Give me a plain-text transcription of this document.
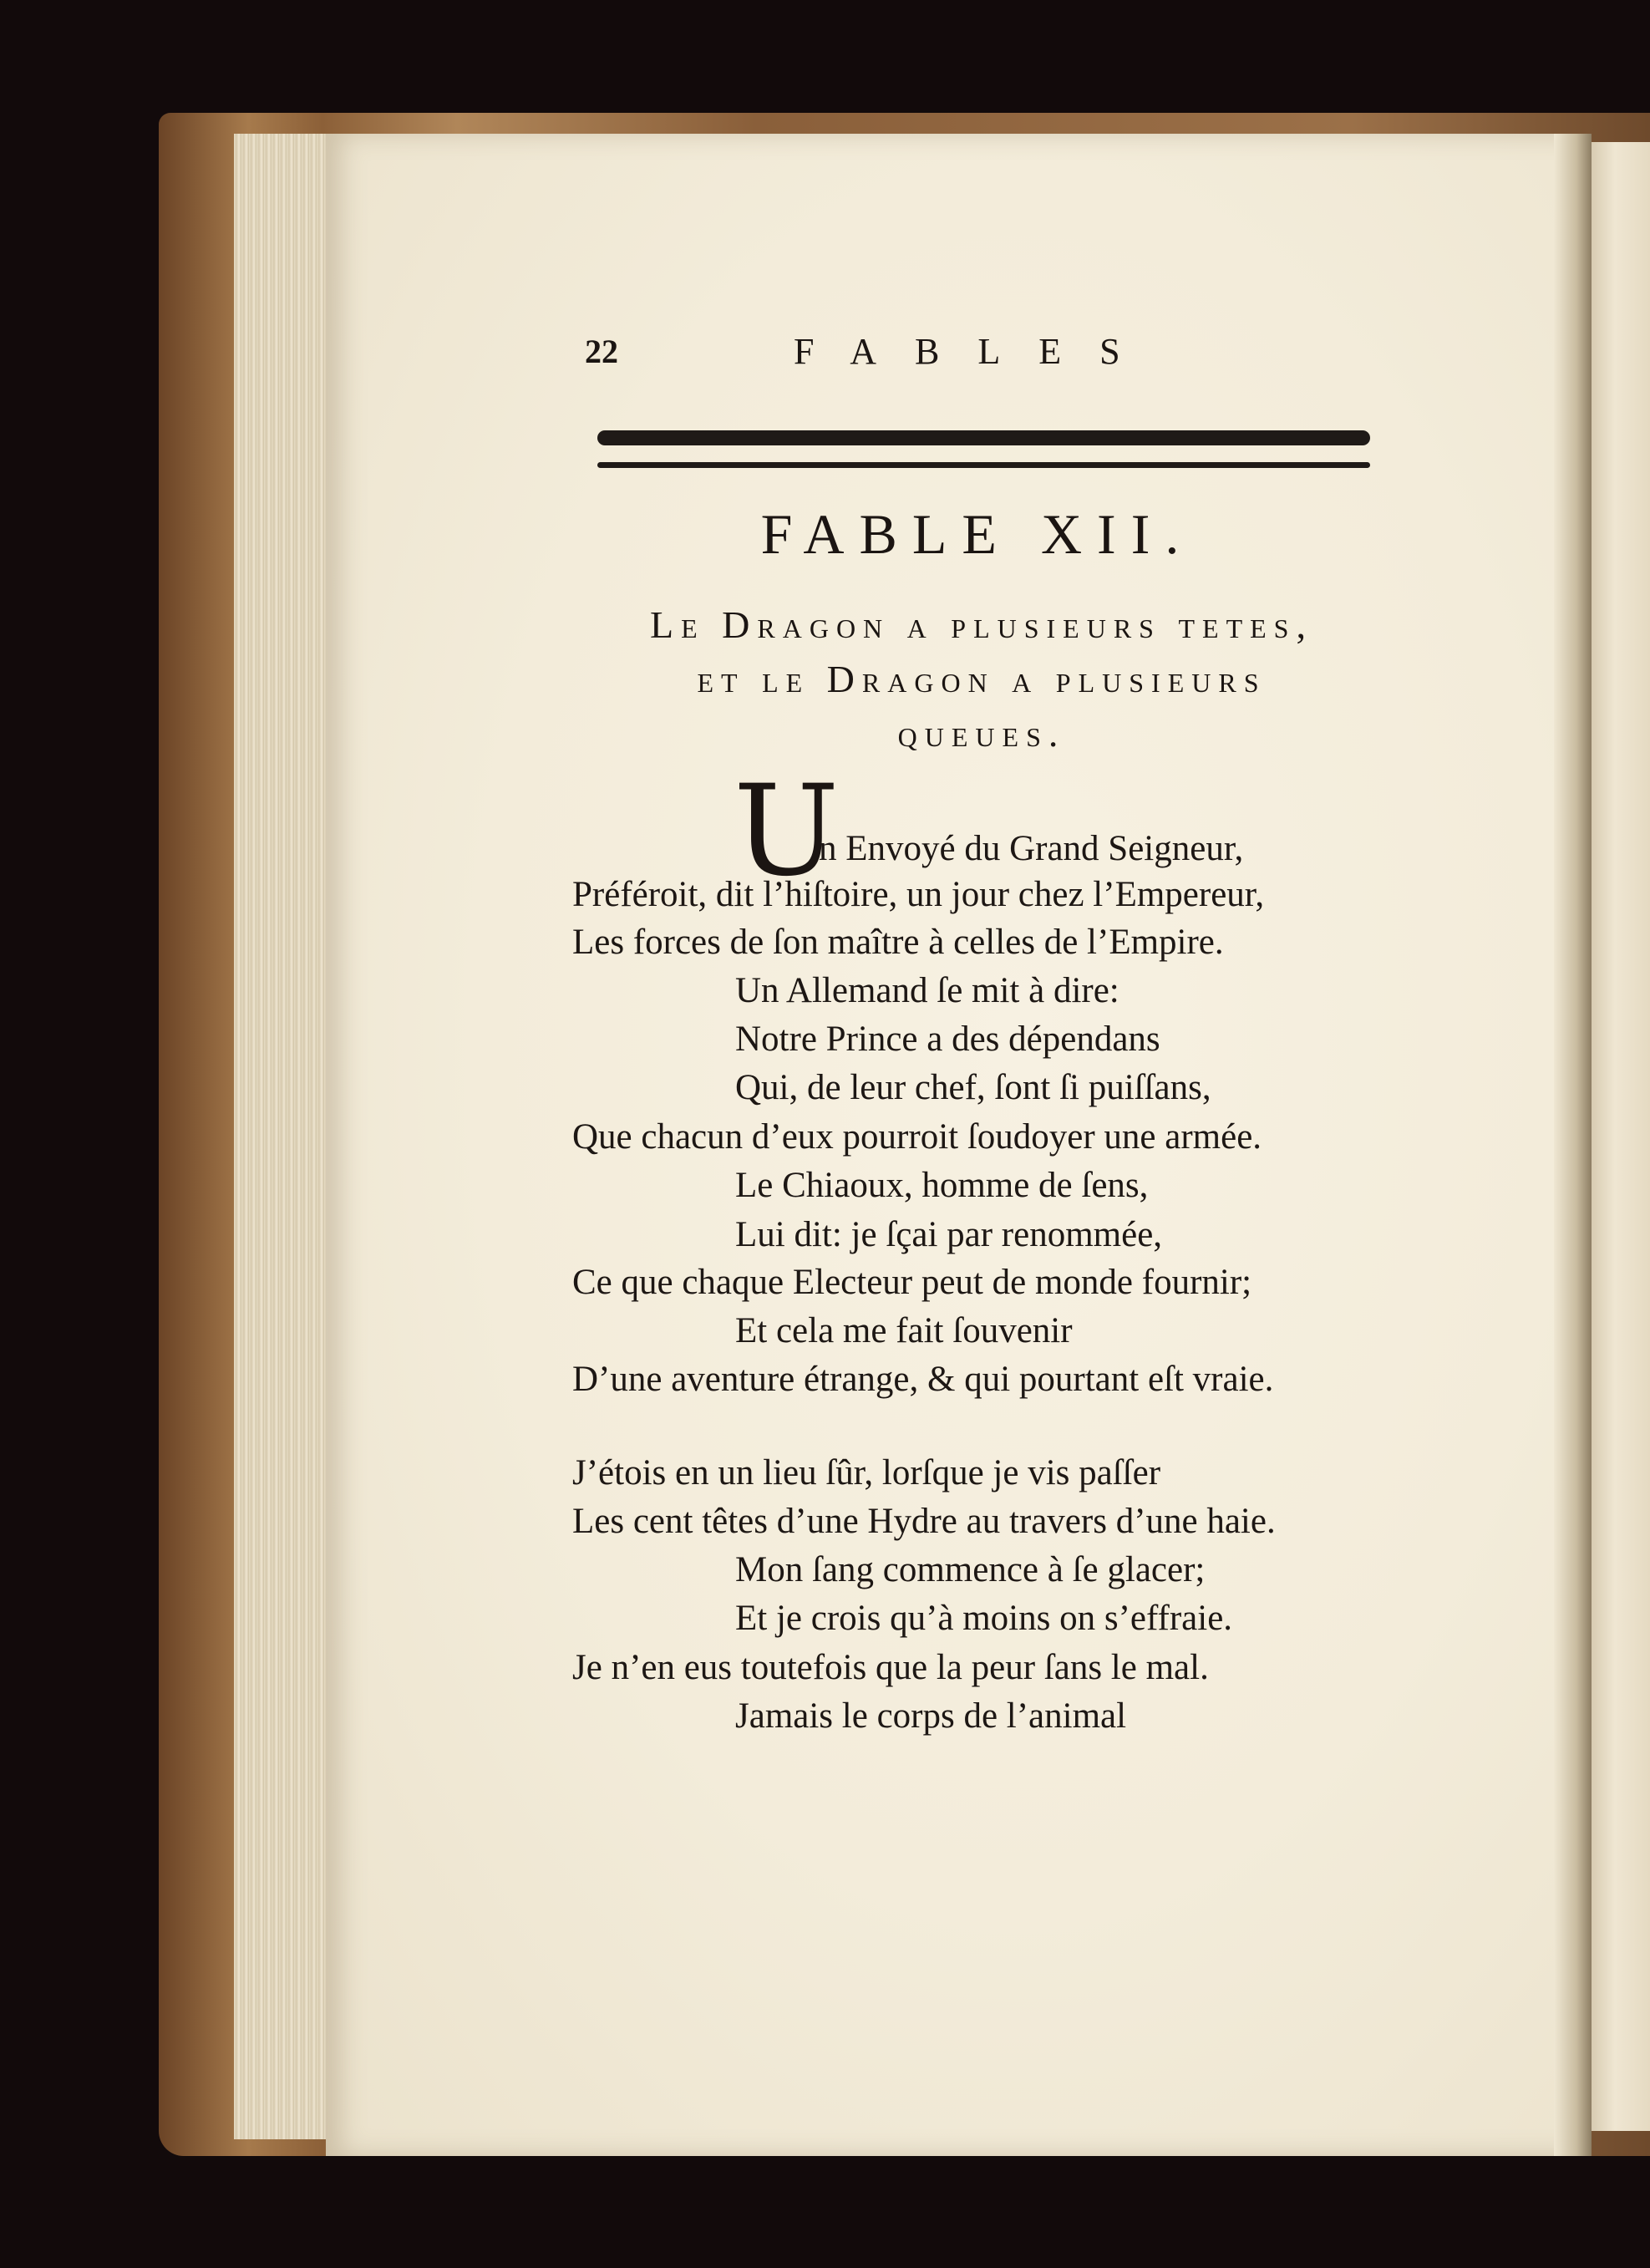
22	FABLES
FABLE XII.
Le Dragon a plusieurs tetes,
et le Dragon a plusieurs
queues.
U
n Envoyé du Grand Seigneur,
Préféroit, dit l’hiſtoire, un jour chez l’Empereur,
Les forces de ſon maître à celles de l’Empire.
Un Allemand ſe mit à dire:
Notre Prince a des dépendans
Qui, de leur chef, ſont ſi puiſſans,
Que chacun d’eux pourroit ſoudoyer une armée.
Le Chiaoux, homme de ſens,
Lui dit: je ſçai par renommée,
Ce que chaque Electeur peut de monde fournir;
Et cela me fait ſouvenir
D’une aventure étrange, & qui pourtant eſt vraie.
J’étois en un lieu ſûr, lorſque je vis paſſer
Les cent têtes d’une Hydre au travers d’une haie.
Mon ſang commence à ſe glacer;
Et je crois qu’à moins on s’effraie.
Je n’en eus toutefois que la peur ſans le mal.
Jamais le corps de l’animal
